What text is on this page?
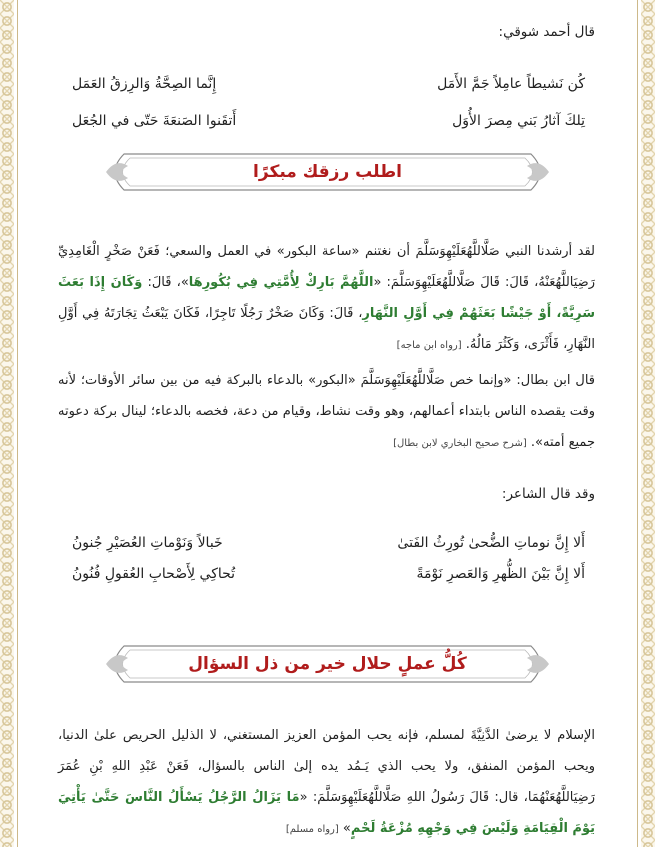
قال أحمد شوقي:
كُن نَشيطاً عامِلاً جَمَّ الأَمَل
إِنَّما الصِحَّةُ وَالرِزقُ العَمَل
تِلكَ آثارُ بَني مِصرَ الأُوَل
أَتقَنوا الصَنعَةَ حَتّى في الجُعَل
اطلب رزقك مبكرًا
لقد أرشدنا النبي صَلَّاللَّهُعَلَيْهِوَسَلَّمَ أن نغتنم «ساعة البكور» في العمل والسعي؛ فَعَنْ صَخْرٍ الْغَامِدِيِّ رَضِيَاللَّهُعَنْهُ، قَالَ: قَالَ صَلَّاللَّهُعَلَيْهِوَسَلَّمَ: «اللَّهُمَّ بَارِكْ لِأُمَّتِي فِي بُكُورِهَا»، قَالَ: وَكَانَ إِذَا بَعَثَ سَرِيَّةً، أَوْ جَيْشًا بَعَثَهُمْ فِي أَوَّلِ النَّهَارِ، قَالَ: وَكَانَ صَخْرٌ رَجُلًا تَاجِرًا، فَكَانَ يَبْعَثُ تِجَارَتَهُ فِي أَوَّلِ النَّهَارِ، فَأَثْرَى، وَكَثُرَ مَالُهُ. [رواه ابن ماجه]
قال ابن بطال: «وإنما خص صَلَّاللَّهُعَلَيْهِوَسَلَّمَ «البكور» بالدعاء بالبركة فيه من بين سائر الأوقات؛ لأنه وقت يقصده الناس بابتداء أعمالهم، وهو وقت نشاط، وقيام من دعة، فخصه بالدعاء؛ لينال بركة دعوته جميع أمته». [شرح صحيح البخاري لابن بطال]
وقد قال الشاعر:
أَلا إِنَّ نوماتِ الضُّحىٰ تُورِثُ الفَتىٰ
خَبالاً وَنَوْماتِ العُصَيْرِ جُنونُ
أَلا إِنَّ بَيْنَ الظُّهرِ وَالعَصرِ نَوْمَةً
تُحاكِي لِأَصْحابِ العُقولِ فُنُونُ
كُلُّ عملٍ حلال خير من ذل السؤال
الإسلام لا يرضىٰ الدَّنِيَّةَ لمسلم، فإنه يحب المؤمن العزيز المستغني، لا الذليل الحريص علىٰ الدنيا، ويحب المؤمن المنفق، ولا يحب الذي يَـمُد يده إلىٰ الناس بالسؤال، فَعَنْ عَبْدِ اللهِ بْنِ عُمَرَ رَضِيَاللَّهُعَنْهُمَا، قال: قَالَ رَسُولُ اللهِ صَلَّاللَّهُعَلَيْهِوَسَلَّمَ: «مَا يَزَالُ الرَّجُلُ يَسْأَلُ النَّاسَ حَتَّىٰ يَأْتِيَ يَوْمَ الْقِيَامَةِ وَلَيْسَ فِي وَجْهِهِ مُزْعَةُ لَحْمٍ» [رواه مسلم]
